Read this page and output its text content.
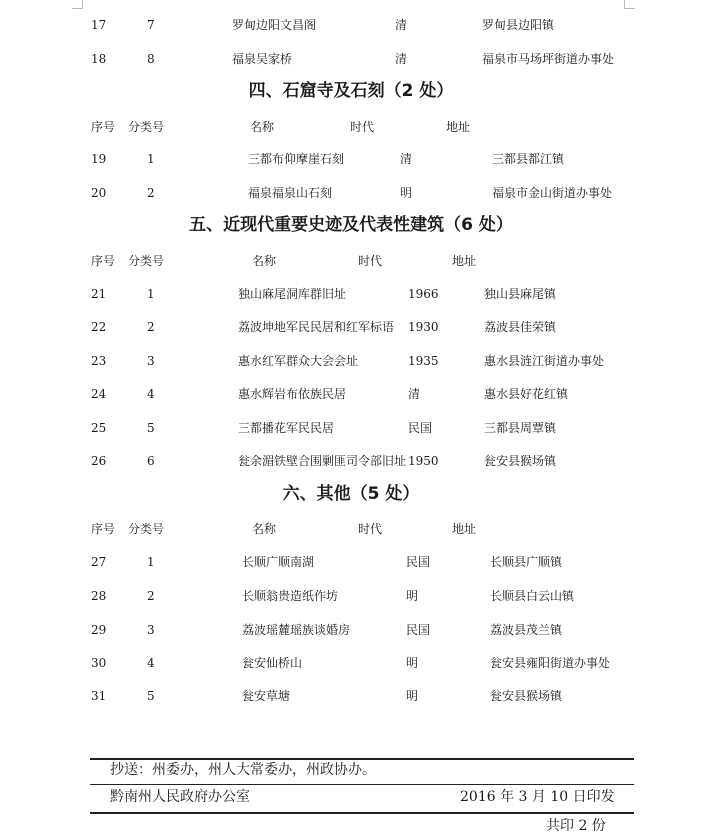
17	7	罗甸边阳文昌阁	清	罗甸县边阳镇
18	8	福泉吴家桥	清	福泉市马场坪街道办事处
四、石窟寺及石刻（2 处）
序号 分类号	名称	时代	地址
19	1	三都布仰摩崖石刻	清	三都县都江镇
20	2	福泉福泉山石刻	明	福泉市金山街道办事处
五、近现代重要史迹及代表性建筑（6 处）
序号 分类号	名称	时代	地址
21	1	独山麻尾洞库群旧址	1966	独山县麻尾镇
22	2	荔波坤地军民民居和红军标语 1930	荔波县佳荣镇
23	3	惠水红军群众大会会址	1935	惠水县涟江街道办事处
24	4	惠水辉岩布依族民居	清	惠水县好花红镇
25	5	三都播花军民民居	民国	三都县周覃镇
26	6	瓮余湄铁壁合围剿匪司令部旧址 1950	瓮安县猴场镇
六、其他（5 处）
序号 分类号	名称	时代	地址
27	1	长顺广顺南湖	民国	长顺县广顺镇
28	2	长顺翁贵造纸作坊	明	长顺县白云山镇
29	3	荔波瑶麓瑶族谈婚房	民国	荔波县茂兰镇
30	4	瓮安仙桥山	明	瓮安县雍阳街道办事处
31	5	瓮安草塘	明	瓮安县猴场镇
抄送：州委办，州人大常委办，州政协办。
黔南州人民政府办公室	2016 年 3 月 10 日印发
共印 2 份
